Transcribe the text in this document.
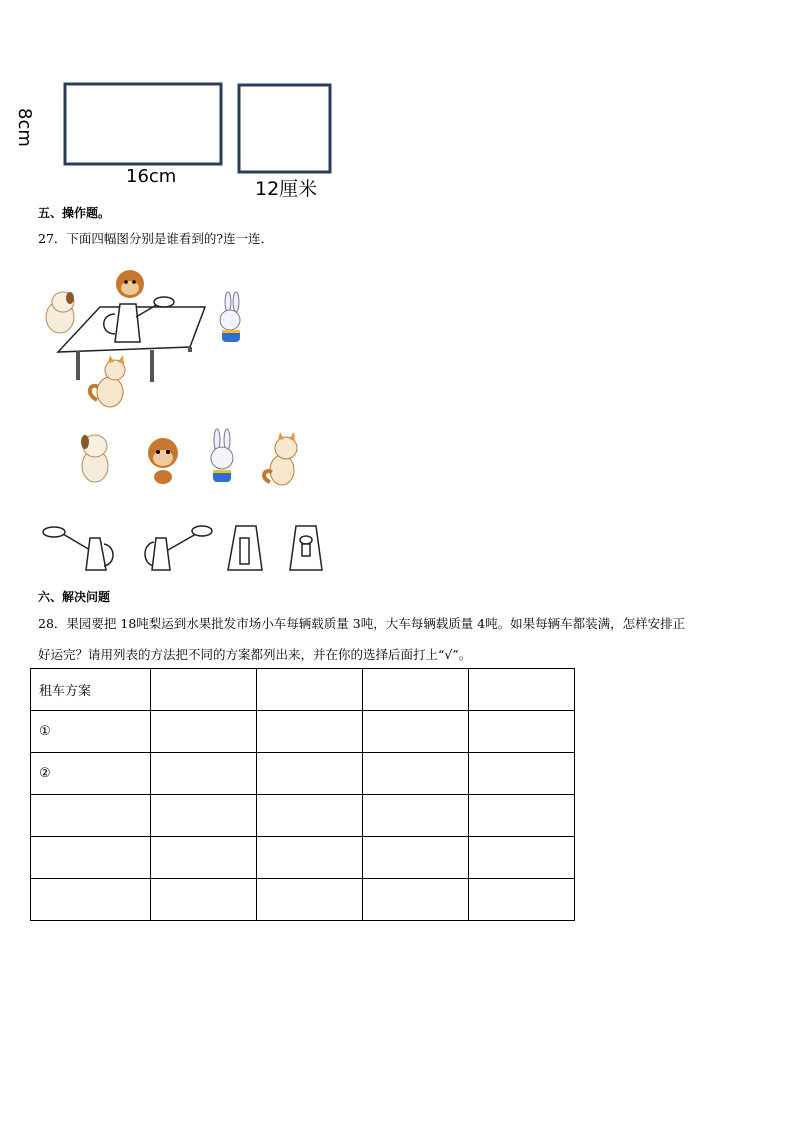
8cm
16cm
12厘米
五、操作题。
27．下面四幅图分别是谁看到的?连一连．
六、解决问题
28．果园要把 18吨梨运到水果批发市场小车每辆载质量 3吨，大车每辆载质量 4吨。如果每辆车都装满，怎样安排正
好运完？请用列表的方法把不同的方案都列出来，并在你的选择后面打上“√”。
租车方案				
①				
②				
